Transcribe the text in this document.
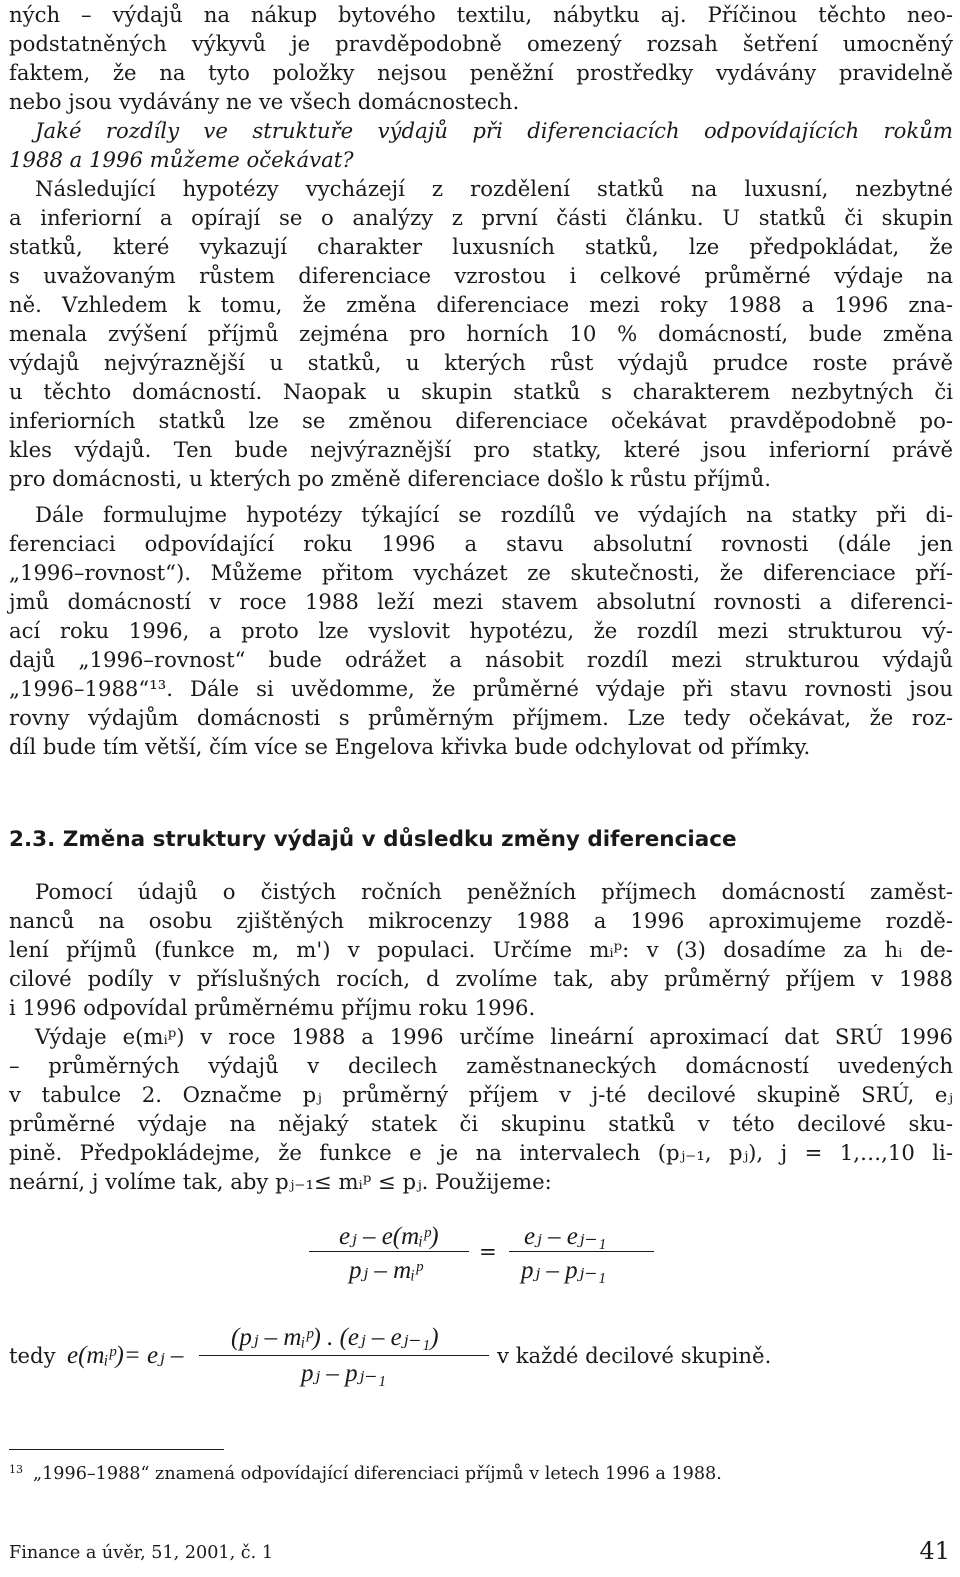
ných – výdajů na nákup bytového textilu, nábytku aj. Příčinou těchto neo-
podstatněných výkyvů je pravděpodobně omezený rozsah šetření umocněný
faktem, že na tyto položky nejsou peněžní prostředky vydávány pravidelně
nebo jsou vydávány ne ve všech domácnostech.
Jaké rozdíly ve struktuře výdajů při diferenciacích odpovídajících rokům
1988 a 1996 můžeme očekávat?
Následující hypotézy vycházejí z rozdělení statků na luxusní, nezbytné
a inferiorní a opírají se o analýzy z první části článku. U statků či skupin
statků, které vykazují charakter luxusních statků, lze předpokládat, že
s uvažovaným růstem diferenciace vzrostou i celkové průměrné výdaje na
ně. Vzhledem k tomu, že změna diferenciace mezi roky 1988 a 1996 zna-
menala zvýšení příjmů zejména pro horních 10 % domácností, bude změna
výdajů nejvýraznější u statků, u kterých růst výdajů prudce roste právě
u těchto domácností. Naopak u skupin statků s charakterem nezbytných či
inferiorních statků lze se změnou diferenciace očekávat pravděpodobně po-
kles výdajů. Ten bude nejvýraznější pro statky, které jsou inferiorní právě
pro domácnosti, u kterých po změně diferenciace došlo k růstu příjmů.
Dále formulujme hypotézy týkající se rozdílů ve výdajích na statky při di-
ferenciaci odpovídající roku 1996 a stavu absolutní rovnosti (dále jen
„1996–rovnost“). Můžeme přitom vycházet ze skutečnosti, že diferenciace pří-
jmů domácností v roce 1988 leží mezi stavem absolutní rovnosti a diferenci-
ací roku 1996, a proto lze vyslovit hypotézu, že rozdíl mezi strukturou vý-
dajů „1996–rovnost“ bude odrážet a násobit rozdíl mezi strukturou výdajů
„1996–1988“¹³. Dále si uvědomme, že průměrné výdaje při stavu rovnosti jsou
rovny výdajům domácnosti s průměrným příjmem. Lze tedy očekávat, že roz-
díl bude tím větší, čím více se Engelova křivka bude odchylovat od přímky.
2.3. Změna struktury výdajů v důsledku změny diferenciace
Pomocí údajů o čistých ročních peněžních příjmech domácností zaměst-
nanců na osobu zjištěných mikrocenzy 1988 a 1996 aproximujeme rozdě-
lení příjmů (funkce m, m') v populaci. Určíme mᵢᵖ: v (3) dosadíme za hᵢ de-
cilové podíly v příslušných rocích, d zvolíme tak, aby průměrný příjem v 1988
i 1996 odpovídal průměrnému příjmu roku 1996.
Výdaje e(mᵢᵖ) v roce 1988 a 1996 určíme lineární aproximací dat SRÚ 1996
– průměrných výdajů v decilech zaměstnaneckých domácností uvedených
v tabulce 2. Označme pⱼ průměrný příjem v j-té decilové skupině SRÚ, eⱼ
průměrné výdaje na nějaký statek či skupinu statků v této decilové sku-
pině. Předpokládejme, že funkce e je na intervalech (pⱼ₋₁, pⱼ), j = 1,…,10 li-
neární, j volíme tak, aby pⱼ₋₁≤ mᵢᵖ ≤ pⱼ. Použijeme:
eⱼ – e(mᵢᵖ)
pⱼ – mᵢᵖ
=
eⱼ – eⱼ₋₁
pⱼ – pⱼ₋₁
tedy e(mᵢᵖ)= eⱼ –
(pⱼ – mᵢᵖ) . (eⱼ – eⱼ₋₁)
pⱼ – pⱼ₋₁
v každé decilové skupině.
$^{13}$ „1996–1988“ znamená odpovídající diferenciaci příjmů v letech 1996 a 1988.
Finance a úvěr, 51, 2001, č. 1	41
